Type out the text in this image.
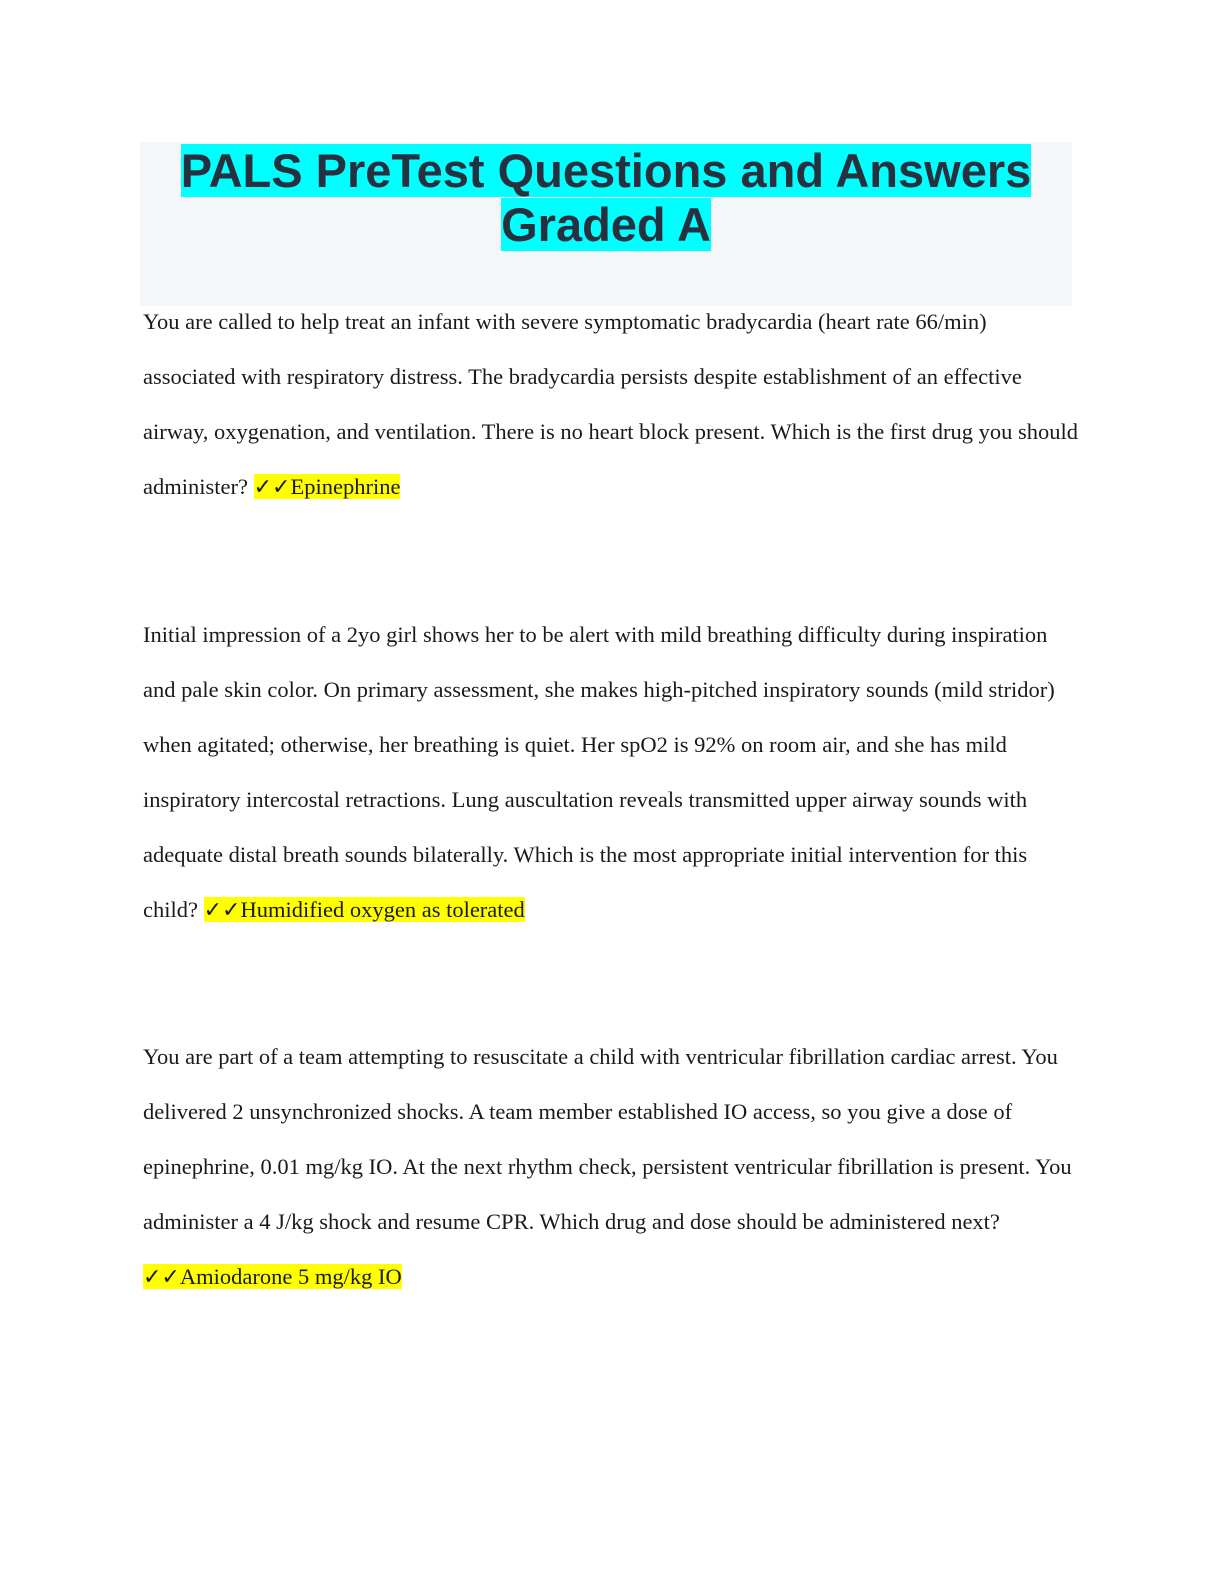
PALS PreTest Questions and Answers
Graded A

You are called to help treat an infant with severe symptomatic bradycardia (heart rate 66/min) associated with respiratory distress. The bradycardia persists despite establishment of an effective airway, oxygenation, and ventilation. There is no heart block present. Which is the first drug you should administer? ✓✓Epinephrine

Initial impression of a 2yo girl shows her to be alert with mild breathing difficulty during inspiration and pale skin color. On primary assessment, she makes high-pitched inspiratory sounds (mild stridor) when agitated; otherwise, her breathing is quiet. Her spO2 is 92% on room air, and she has mild inspiratory intercostal retractions. Lung auscultation reveals transmitted upper airway sounds with adequate distal breath sounds bilaterally. Which is the most appropriate initial intervention for this child? ✓✓Humidified oxygen as tolerated

You are part of a team attempting to resuscitate a child with ventricular fibrillation cardiac arrest. You delivered 2 unsynchronized shocks. A team member established IO access, so you give a dose of epinephrine, 0.01 mg/kg IO. At the next rhythm check, persistent ventricular fibrillation is present. You administer a 4 J/kg shock and resume CPR. Which drug and dose should be administered next? ✓✓Amiodarone 5 mg/kg IO
